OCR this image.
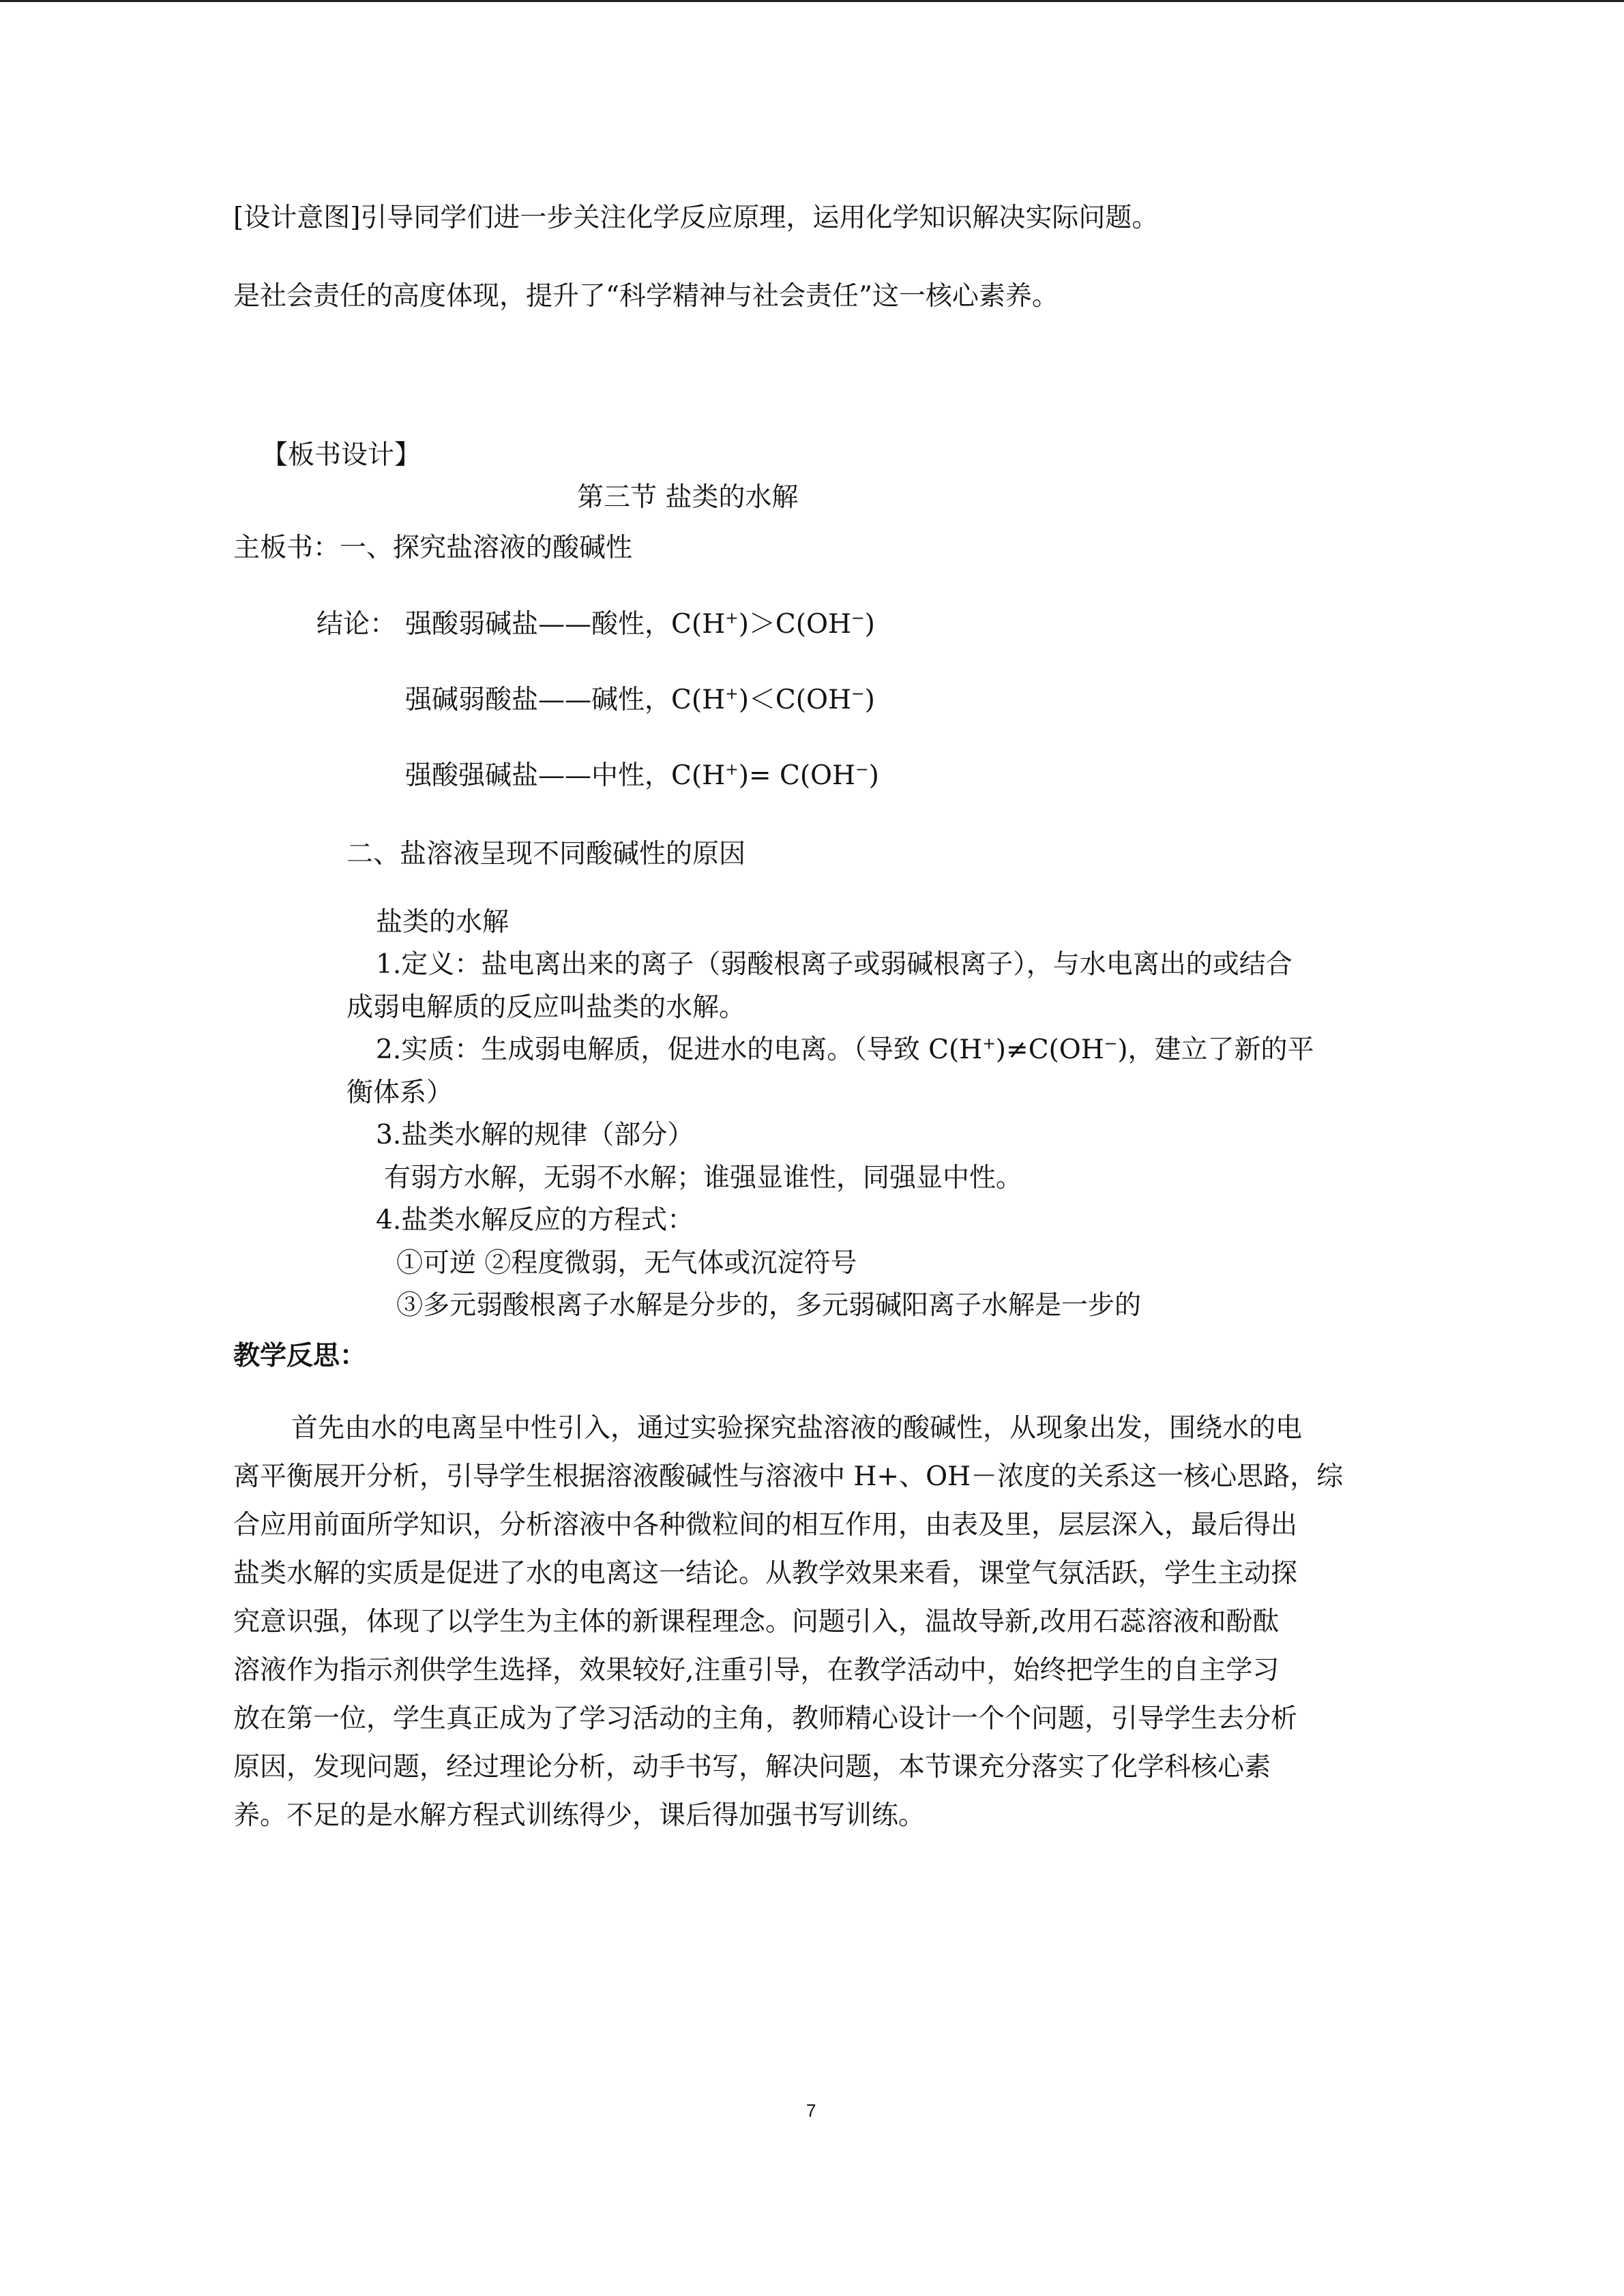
[设计意图]引导同学们进一步关注化学反应原理，运用化学知识解决实际问题。
是社会责任的高度体现，提升了“科学精神与社会责任”这一核心素养。
【板书设计】
第三节 盐类的水解
主板书：一、探究盐溶液的酸碱性
结论： 强酸弱碱盐——酸性，C(H+)＞C(OH−)
强碱弱酸盐——碱性，C(H+)＜C(OH−)
强酸强碱盐——中性，C(H+)= C(OH−)
二、盐溶液呈现不同酸碱性的原因
盐类的水解
1.定义：盐电离出来的离子（弱酸根离子或弱碱根离子），与水电离出的或结合
成弱电解质的反应叫盐类的水解。
2.实质：生成弱电解质，促进水的电离。（导致 C(H+)≠C(OH−)，建立了新的平
衡体系）
3.盐类水解的规律（部分）
有弱方水解，无弱不水解；谁强显谁性，同强显中性。
4.盐类水解反应的方程式：
①可逆 ②程度微弱，无气体或沉淀符号
③多元弱酸根离子水解是分步的，多元弱碱阳离子水解是一步的
教学反思：
首先由水的电离呈中性引入，通过实验探究盐溶液的酸碱性，从现象出发，围绕水的电
离平衡展开分析，引导学生根据溶液酸碱性与溶液中 H+、OH－浓度的关系这一核心思路，综
合应用前面所学知识，分析溶液中各种微粒间的相互作用，由表及里，层层深入，最后得出
盐类水解的实质是促进了水的电离这一结论。从教学效果来看，课堂气氛活跃，学生主动探
究意识强，体现了以学生为主体的新课程理念。问题引入，温故导新,改用石蕊溶液和酚酞
溶液作为指示剂供学生选择，效果较好,注重引导，在教学活动中，始终把学生的自主学习
放在第一位，学生真正成为了学习活动的主角，教师精心设计一个个问题，引导学生去分析
原因，发现问题，经过理论分析，动手书写，解决问题，本节课充分落实了化学科核心素
养。不足的是水解方程式训练得少，课后得加强书写训练。
7
